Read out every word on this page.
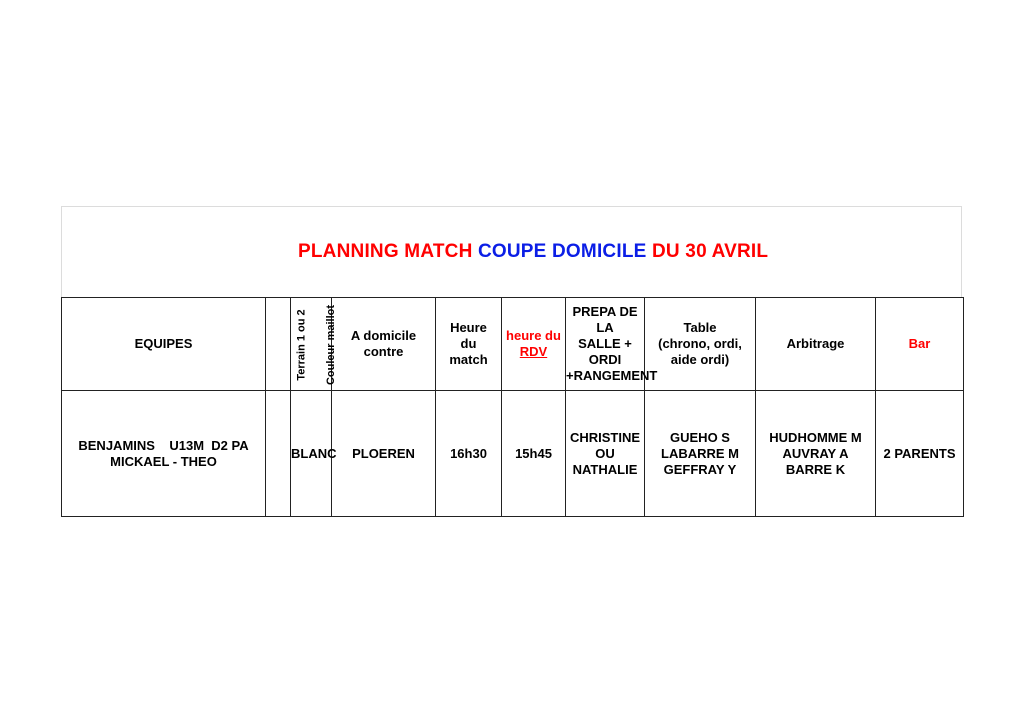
PLANNING MATCH COUPE DOMICILE DU 30 AVRIL
EQUIPES	Terrain 1 ou 2	Couleur maillot	A domicile
contre	Heure
du
match	heure du
RDV	PREPA DE LA
SALLE + ORDI
+RANGEMENT	Table
(chrono, ordi,
aide ordi)	Arbitrage	Bar
BENJAMINS    U13M  D2 PA
MICKAEL - THEO		BLANC	PLOEREN	16h30	15h45	CHRISTINE
OU
NATHALIE	GUEHO S
LABARRE M
GEFFRAY Y	HUDHOMME M
AUVRAY A
BARRE K	2 PARENTS
